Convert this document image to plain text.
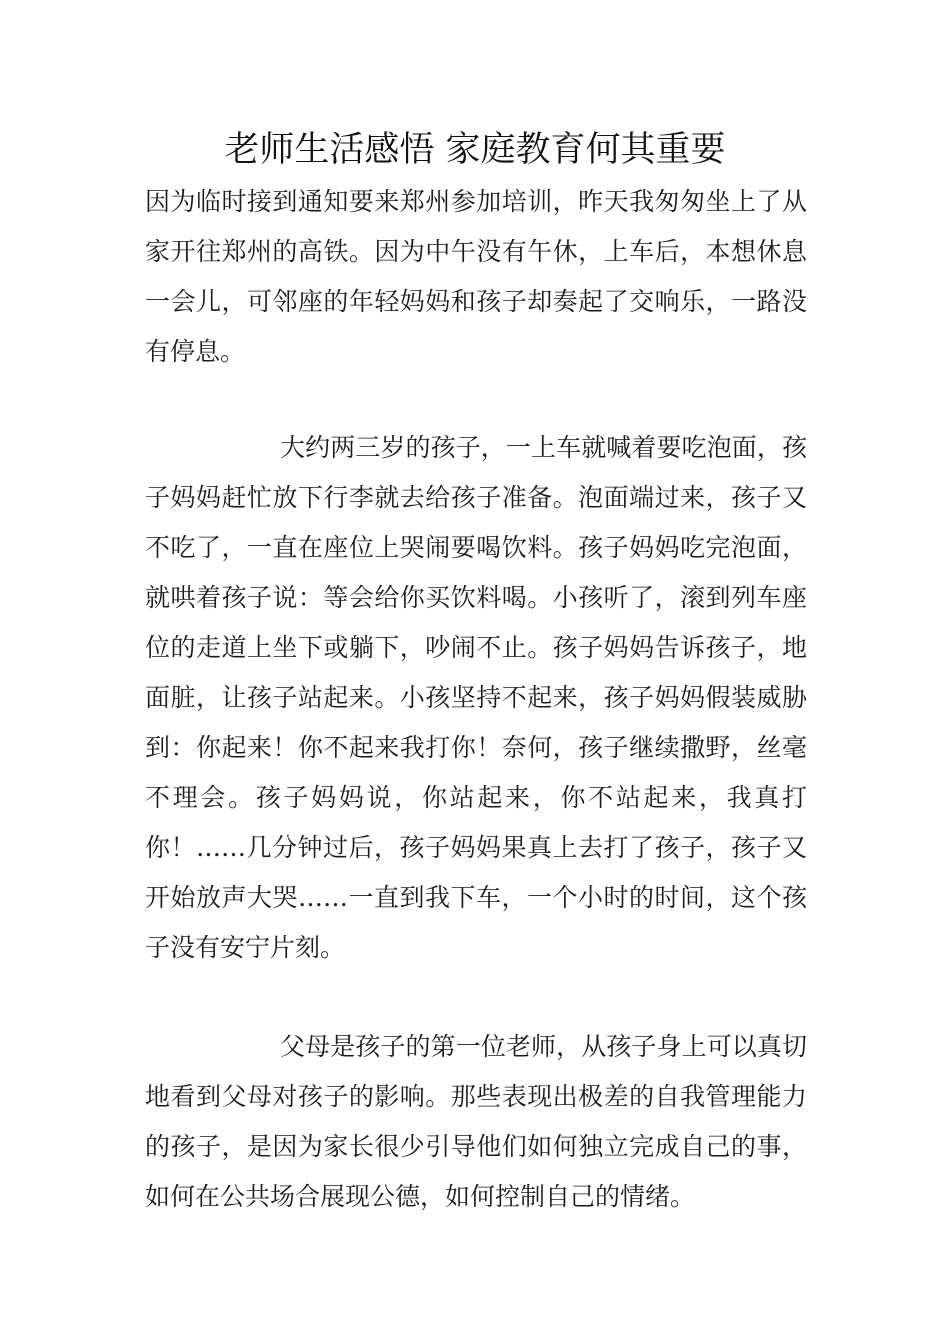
老师生活感悟 家庭教育何其重要

因为临时接到通知要来郑州参加培训，昨天我匆匆坐上了从家开往郑州的高铁。因为中午没有午休，上车后，本想休息一会儿，可邻座的年轻妈妈和孩子却奏起了交响乐，一路没有停息。

大约两三岁的孩子，一上车就喊着要吃泡面，孩子妈妈赶忙放下行李就去给孩子准备。泡面端过来，孩子又不吃了，一直在座位上哭闹要喝饮料。孩子妈妈吃完泡面，就哄着孩子说：等会给你买饮料喝。小孩听了，滚到列车座位的走道上坐下或躺下，吵闹不止。孩子妈妈告诉孩子，地面脏，让孩子站起来。小孩坚持不起来，孩子妈妈假装威胁到：你起来！你不起来我打你！奈何，孩子继续撒野，丝毫不理会。孩子妈妈说，你站起来，你不站起来，我真打你！……几分钟过后，孩子妈妈果真上去打了孩子，孩子又开始放声大哭……一直到我下车，一个小时的时间，这个孩子没有安宁片刻。

父母是孩子的第一位老师，从孩子身上可以真切地看到父母对孩子的影响。那些表现出极差的自我管理能力的孩子，是因为家长很少引导他们如何独立完成自己的事，如何在公共场合展现公德，如何控制自己的情绪。
